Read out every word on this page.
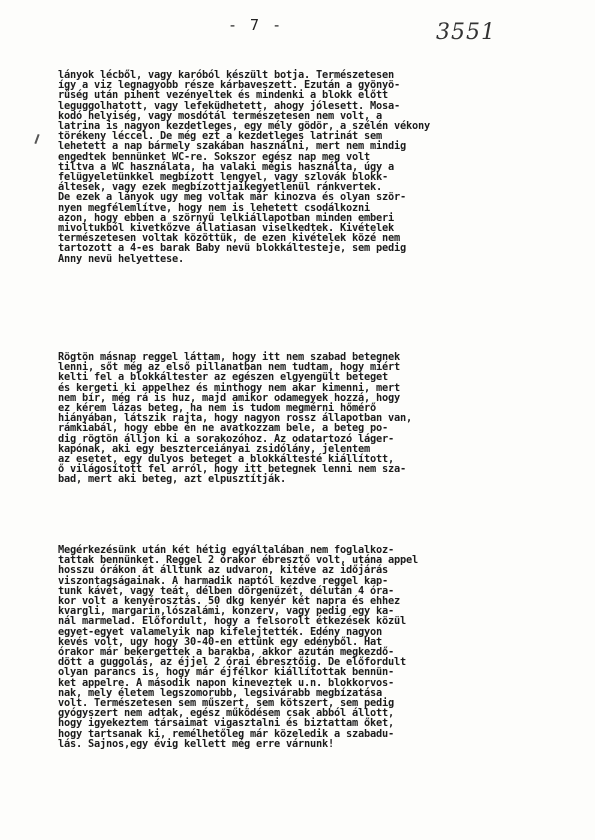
- 7 -	3551
lányok lécből, vagy karóból készült botja. Természetesen
így a viz legnagyobb része kárbaveszett. Ezután a gyönyö-
rűség után pihent vezényeltek és mindenki a blokk előtt
leguggolhatott, vagy lefeküdhetett, ahogy jólesett. Mosa-
kodó helyiség, vagy mosdótál természetesen nem volt, a
latrina is nagyon kezdetleges, egy mély gödör, a szélén vékony
törékeny léccel. De még ezt a kezdetleges latrinát sem
lehetett a nap bármely szakában használni, mert nem mindig
engedtek bennünket WC-re. Sokszor egész nap meg volt
tiltva a WC használata, ha valaki mégis használta, úgy a
felügyeletünkkel megbízott lengyel, vagy szlovák blokk-
áltesek, vagy ezek megbízottjaikegyetlenül ránkvertek.
De ezek a lányok ugy meg voltak már kinozva és olyan ször-
nyen megfélemlítve, hogy nem is lehetett csodálkozni
azon, hogy ebben a szörnyű lelkiállapotban minden emberi
mivoltukból kivetkőzve állatiasan viselkedtek. Kivételek
természetesen voltak közöttük, de ezen kivételek közé nem
tartozott a 4-es barak Baby nevü blokkáltesteje, sem pedig
Anny nevü helyettese.
Rögtön másnap reggel láttam, hogy itt nem szabad betegnek
lenni, sőt még az első pillanatban nem tudtam, hogy miért
kelti fel a blokkáltester az egészen elgyengült beteget
és kergeti ki appelhez és minthogy nem akar kimenni, mert
nem bír, még rá is huz, majd amikor odamegyek hozzá, hogy
ez kérem lázas beteg, ha nem is tudom megmérni hőmérő
hiányában, látszik rajta, hogy nagyon rossz állapotban van,
rámkiabál, hogy ebbe én ne avatkozzam bele, a beteg po-
dig rögtön álljon ki a sorakozóhoz. Az odatartozó láger-
kapónak, aki egy beszterceiányai zsidólány, jelentem
az esetet, egy dulyos beteget a blokkáltesté kiállított,
ő világosított fel arról, hogy itt betegnek lenni nem sza-
bad, mert aki beteg, azt elpusztítják.
Megérkezésünk után két hétig egyáltalában nem foglalkoz-
tattak bennünket. Reggel 2 órakor ébresztő volt, utána appel
hosszu órákon át álltunk az udvaron, kitéve az időjárás
viszontagságainak. A harmadik naptól kezdve reggel kap-
tunk kávét, vagy teát, délben dörgenüzét, délután 4 óra-
kor volt a kenyérosztás. 50 dkg kenyér két napra és ehhez
kvargli, margarin,lószalámi, konzerv, vagy pedig egy ka-
nál marmelad. Előfordult, hogy a felsorolt étkezések közül
egyet-egyet valamelyik nap kifelejtették. Edény nagyon
kevés volt, ugy hogy 30-40-en ettünk egy edényből. Hat
órakor már bekergettek a barakba, akkor azután megkezdő-
dött a guggolás, az éjjel 2 órai ébresztőig. De előfordult
olyan parancs is, hogy már éjfélkor kiállítottak bennün-
ket appelre. A második napon kineveztek u.n. blokkorvos-
nak, mely életem legszomorubb, legsivárabb megbízatása
volt. Természetesen sem műszert, sem kötszert, sem pedig
gyógyszert nem adtak, egész működésem csak abból állott,
hogy igyekeztem társaimat vigasztalni és biztattam őket,
hogy tartsanak ki, remélhetőleg már közeledik a szabadu-
lás. Sajnos,egy évig kellett még erre várnunk!
